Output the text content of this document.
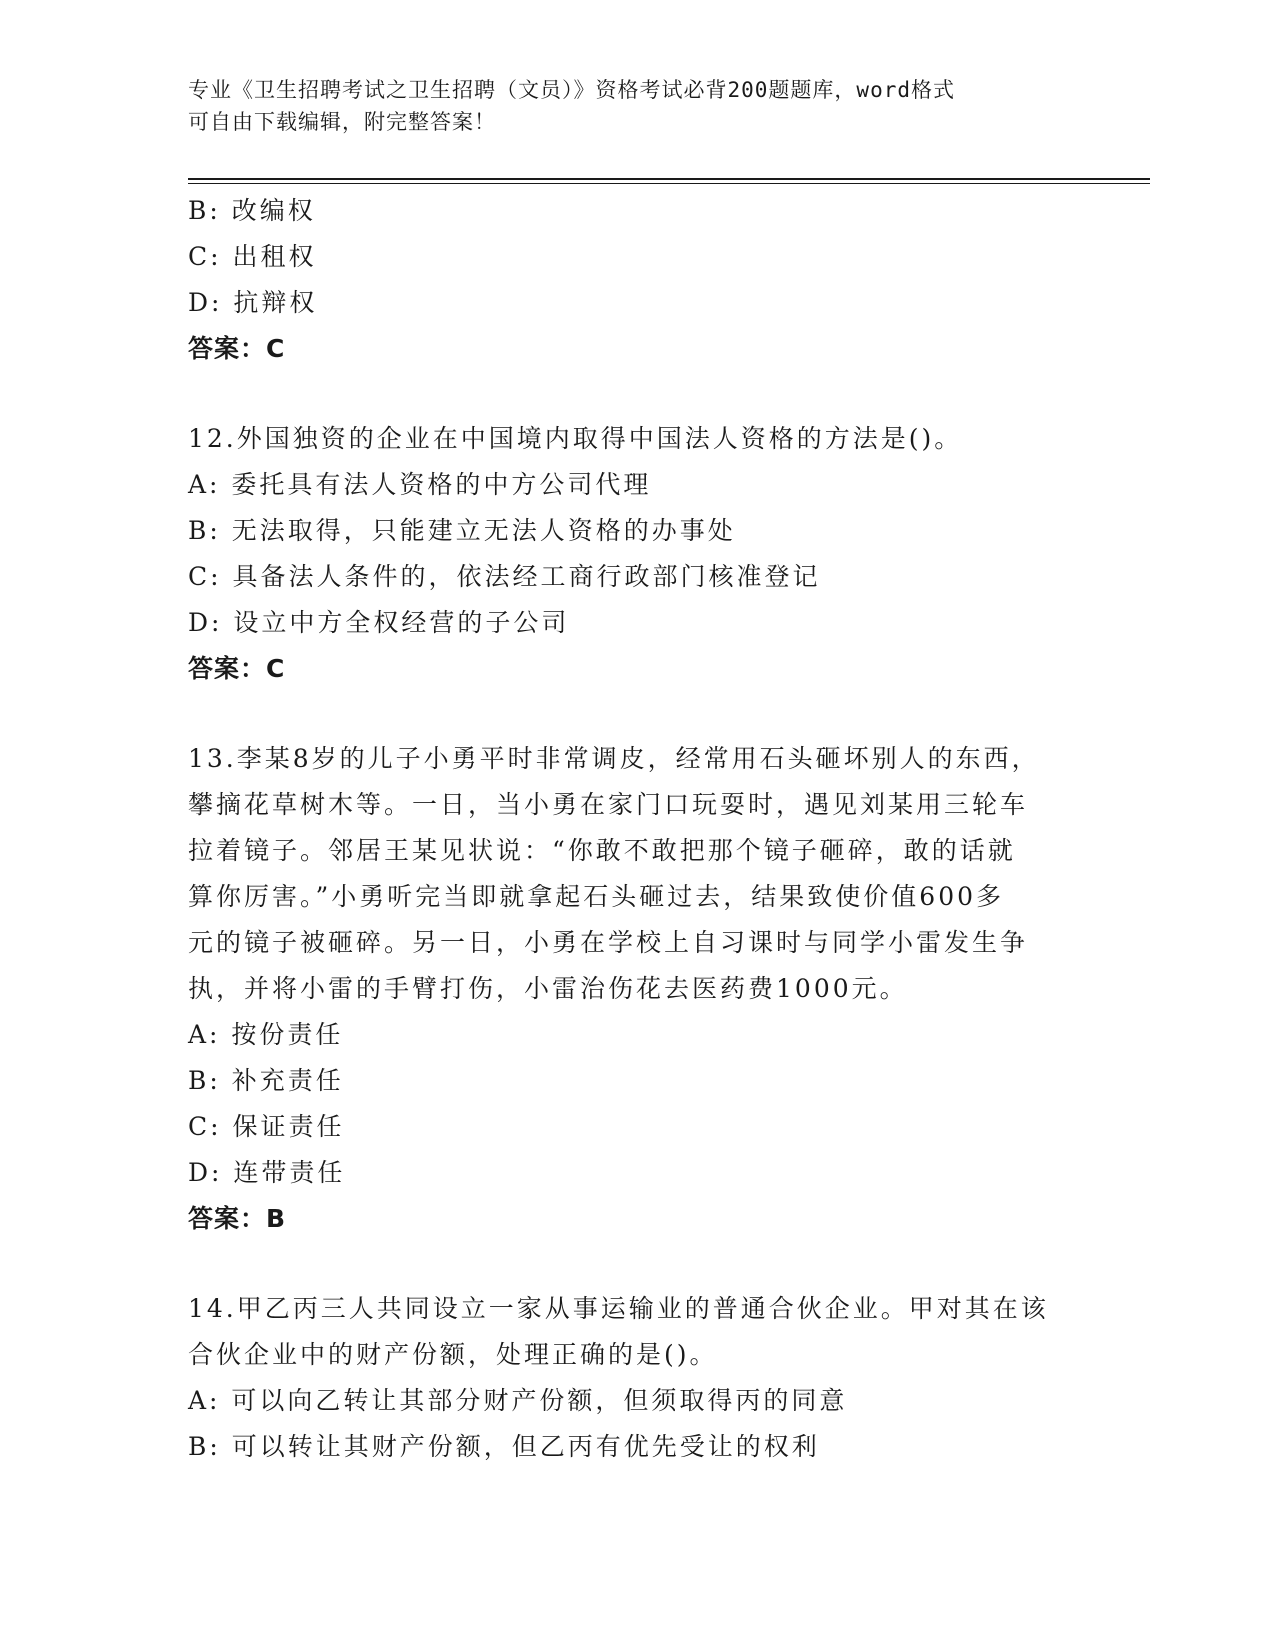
专业《卫生招聘考试之卫生招聘（文员）》资格考试必背200题题库，word格式
可自由下载编辑，附完整答案！
B: 改编权
C: 出租权
D: 抗辩权
答案：C
12.外国独资的企业在中国境内取得中国法人资格的方法是()。
A: 委托具有法人资格的中方公司代理
B: 无法取得，只能建立无法人资格的办事处
C: 具备法人条件的，依法经工商行政部门核准登记
D: 设立中方全权经营的子公司
答案：C
13.李某8岁的儿子小勇平时非常调皮，经常用石头砸坏别人的东西，
攀摘花草树木等。一日，当小勇在家门口玩耍时，遇见刘某用三轮车
拉着镜子。邻居王某见状说：“你敢不敢把那个镜子砸碎，敢的话就
算你厉害。”小勇听完当即就拿起石头砸过去，结果致使价值600多
元的镜子被砸碎。另一日，小勇在学校上自习课时与同学小雷发生争
执，并将小雷的手臂打伤，小雷治伤花去医药费1000元。
A: 按份责任
B: 补充责任
C: 保证责任
D: 连带责任
答案：B
14.甲乙丙三人共同设立一家从事运输业的普通合伙企业。甲对其在该
合伙企业中的财产份额，处理正确的是()。
A: 可以向乙转让其部分财产份额，但须取得丙的同意
B: 可以转让其财产份额，但乙丙有优先受让的权利
